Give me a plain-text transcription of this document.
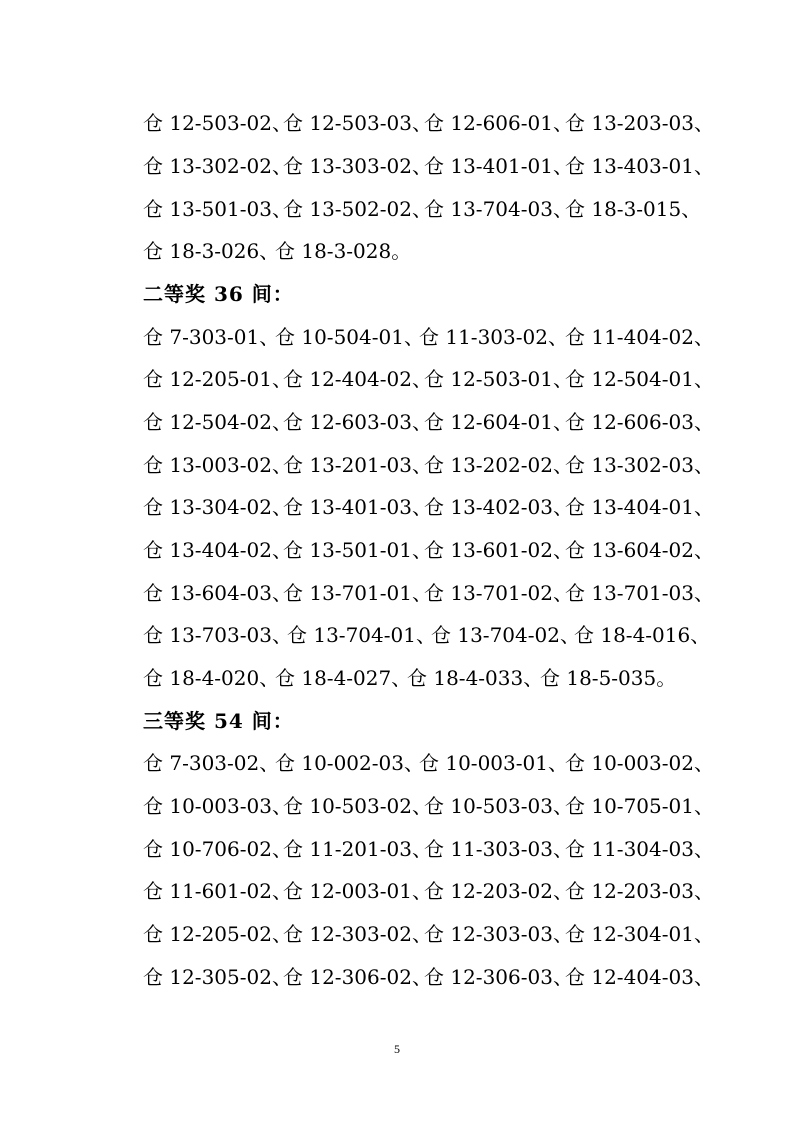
仓 12-503-02、
仓 12-503-03、
仓 12-606-01、
仓 13-203-03、
仓 13-302-02、
仓 13-303-02、
仓 13-401-01、
仓 13-403-01、
仓 13-501-03、
仓 13-502-02、
仓 13-704-03、
仓 18-3-015、
仓 18-3-026、
仓 18-3-028。
二等奖 36 间：
仓 7-303-01、
仓 10-504-01、
仓 11-303-02、
仓 11-404-02、
仓 12-205-01、
仓 12-404-02、
仓 12-503-01、
仓 12-504-01、
仓 12-504-02、
仓 12-603-03、
仓 12-604-01、
仓 12-606-03、
仓 13-003-02、
仓 13-201-03、
仓 13-202-02、
仓 13-302-03、
仓 13-304-02、
仓 13-401-03、
仓 13-402-03、
仓 13-404-01、
仓 13-404-02、
仓 13-501-01、
仓 13-601-02、
仓 13-604-02、
仓 13-604-03、
仓 13-701-01、
仓 13-701-02、
仓 13-701-03、
仓 13-703-03、
仓 13-704-01、
仓 13-704-02、
仓 18-4-016、
仓 18-4-020、
仓 18-4-027、
仓 18-4-033、
仓 18-5-035。
三等奖 54 间：
仓 7-303-02、
仓 10-002-03、
仓 10-003-01、
仓 10-003-02、
仓 10-003-03、
仓 10-503-02、
仓 10-503-03、
仓 10-705-01、
仓 10-706-02、
仓 11-201-03、
仓 11-303-03、
仓 11-304-03、
仓 11-601-02、
仓 12-003-01、
仓 12-203-02、
仓 12-203-03、
仓 12-205-02、
仓 12-303-02、
仓 12-303-03、
仓 12-304-01、
仓 12-305-02、
仓 12-306-02、
仓 12-306-03、
仓 12-404-03、
5
